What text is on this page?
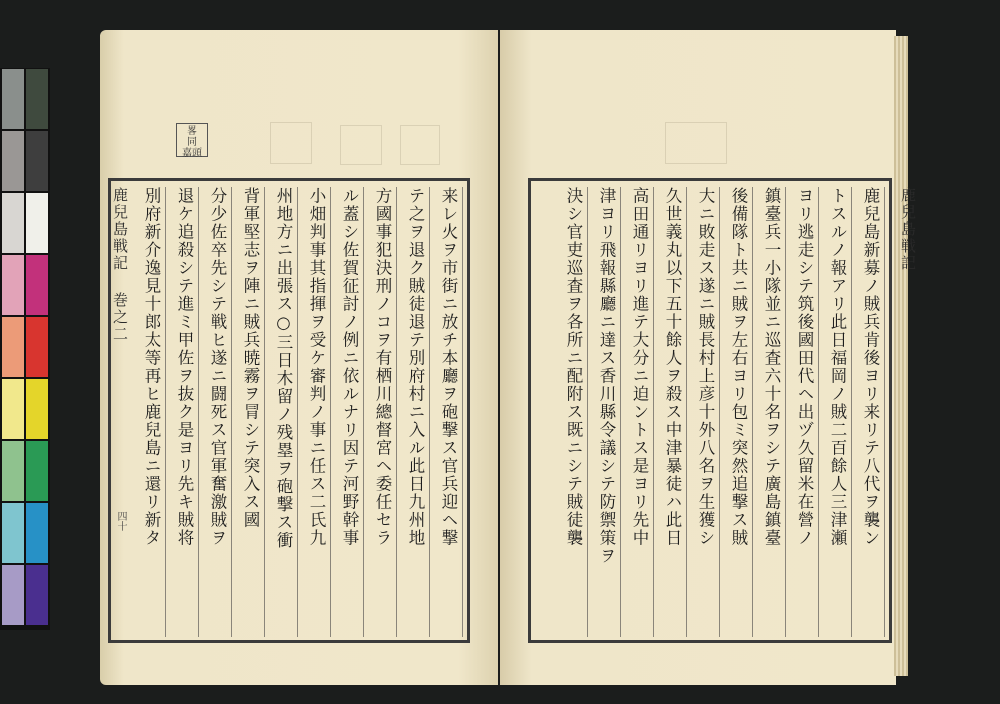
畧
同
嘉頭
鹿兒島戦記 巻之二
四十	来レ火ヲ市街ニ放チ本廳ヲ砲撃ス官兵迎ヘ撃
テ之ヲ退ク賊徒退テ別府村ニ入ル此日九州地
方國事犯決刑ノコヲ有栖川總督宮ヘ委任セラ
ル蓋シ佐賀征討ノ例ニ依ルナリ因テ河野幹事
小畑判事其指揮ヲ受ケ審判ノ事ニ任ス二氏九
州地方ニ出張ス○三日木留ノ残塁ヲ砲撃ス衝
背軍堅志ヲ陣ニ賊兵暁霧ヲ冐シテ突入ス國
分少佐卒先シテ戦ヒ遂ニ闘死ス官軍奮激賊ヲ
退ケ追殺シテ進ミ甲佐ヲ抜ク是ヨリ先キ賊将
別府新介逸見十郎太等再ヒ鹿兒島ニ還リ新タ	鹿兒島戦記
鹿兒島新募ノ賊兵肯後ヨリ来リテ八代ヲ襲ン
トスルノ報アリ此日福岡ノ賊二百餘人三津瀬
ヨリ逃走シテ筑後國田代ヘ出ヅ久留米在營ノ
鎮臺兵一小隊並ニ巡査六十名ヲシテ廣島鎮臺
後備隊ト共ニ賊ヲ左右ヨリ包ミ突然追撃ス賊
大ニ敗走ス遂ニ賊長村上彦十外八名ヲ生獲シ
久世義丸以下五十餘人ヲ殺ス中津暴徒ハ此日
高田通リヨリ進テ大分ニ迫ントス是ヨリ先中
津ヨリ飛報縣廳ニ達ス香川縣令議シテ防禦策ヲ
決シ官吏巡査ヲ各所ニ配附ス既ニシテ賊徒襲
